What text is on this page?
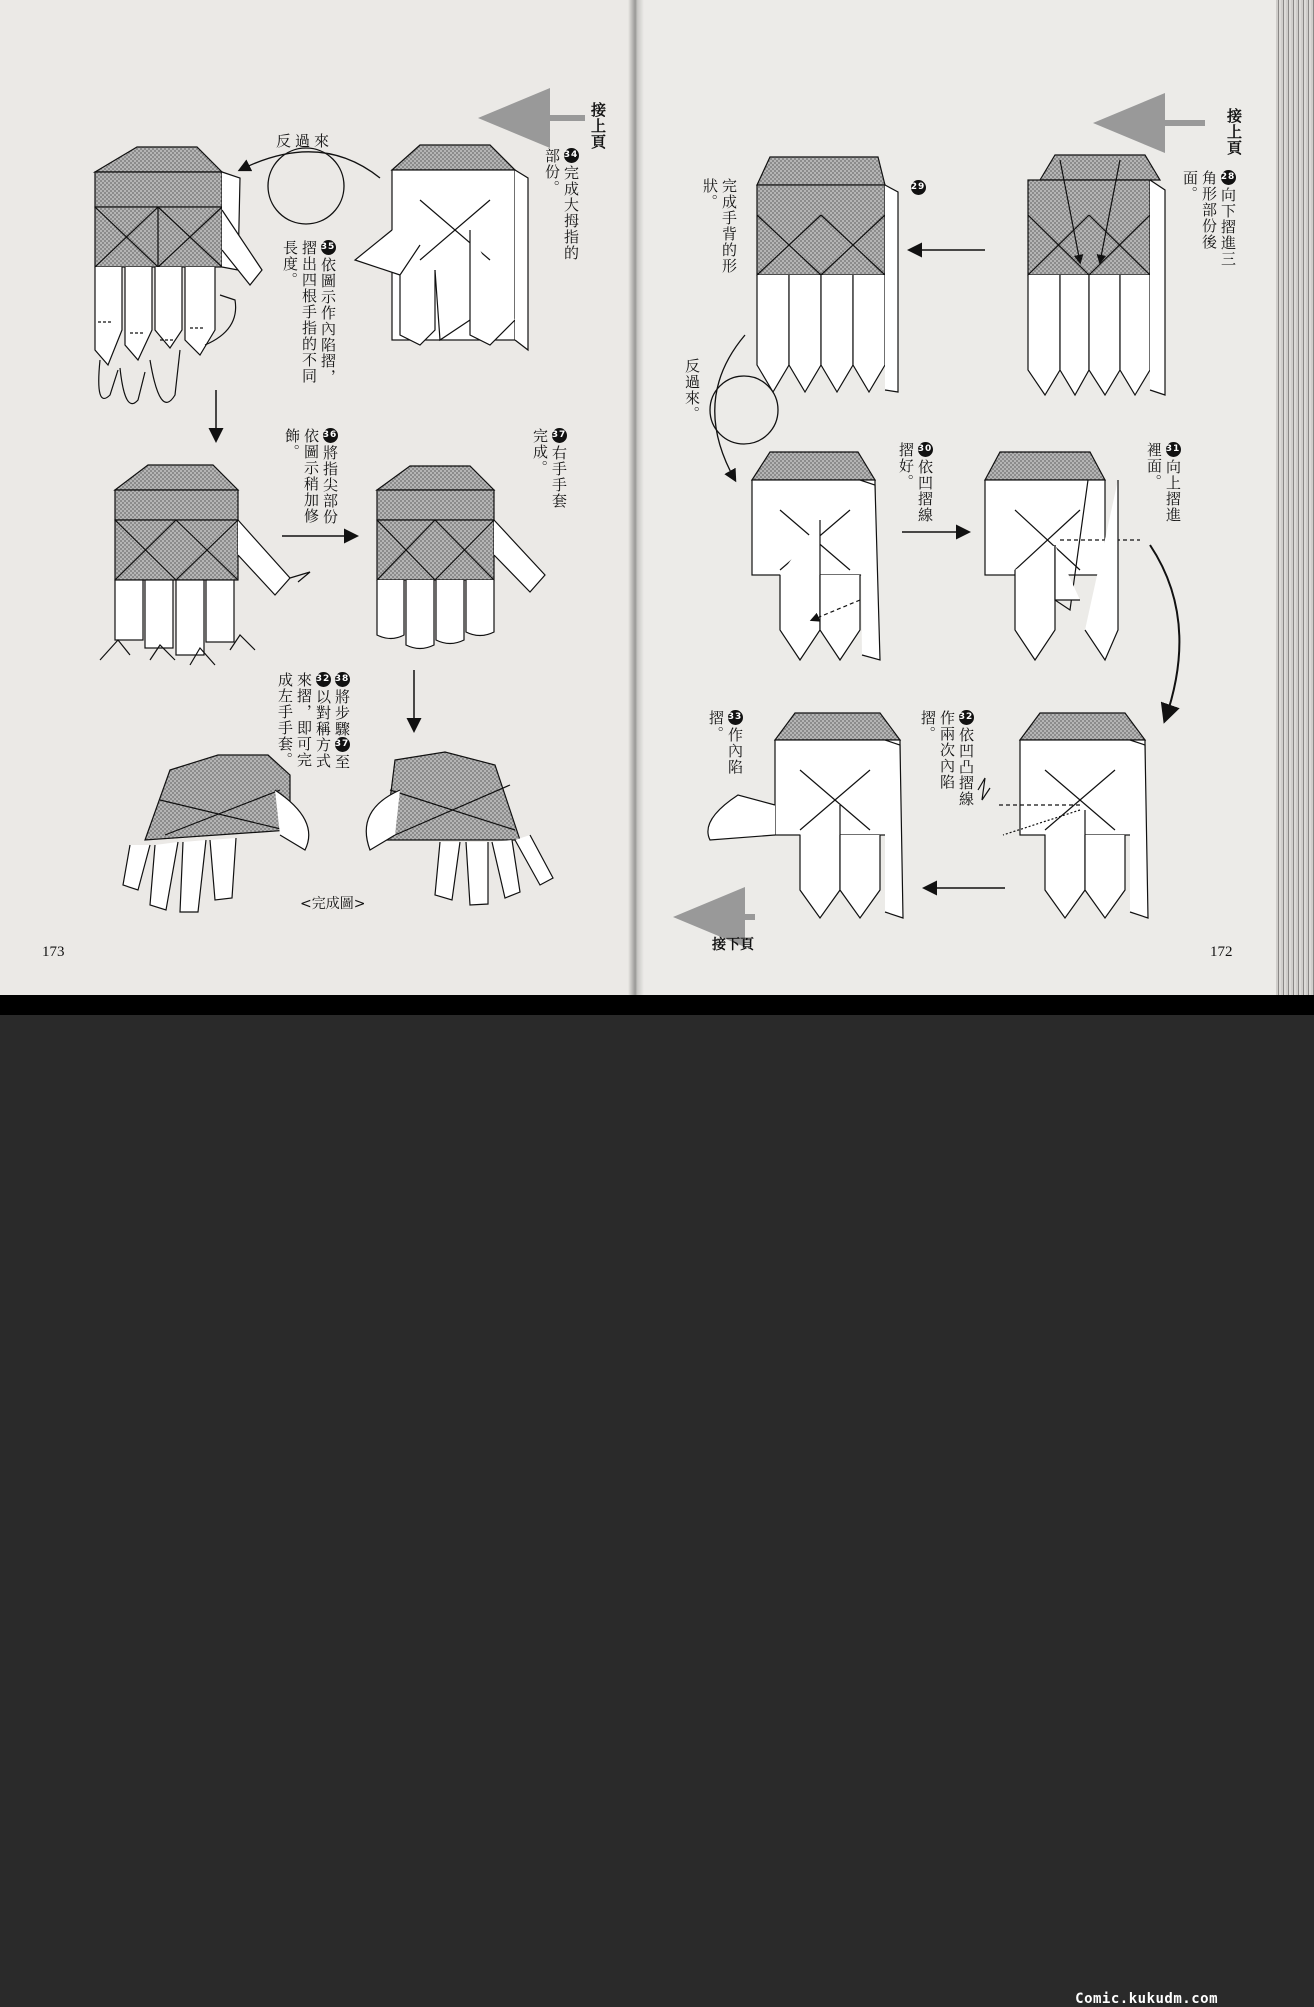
接上頁
反過來
34完成大拇指的部份。
35依圖示作內陷摺，摺出四根手指的不同長度。
36將指尖部份依圖示稍加修飾。	37右手手套完成。
38將步驟37至32以對稱方式來摺，即可完成左手手套。
<完成圖>
173
接上頁
28向下摺進三角形部份後面。
29
完成手背的形狀。
反過來。
30依凹摺線摺好。	31向上摺進裡面。
32依凹凸摺線作兩次內陷摺。
33作內陷摺。
接下頁	172
Comic.kukudm.com
